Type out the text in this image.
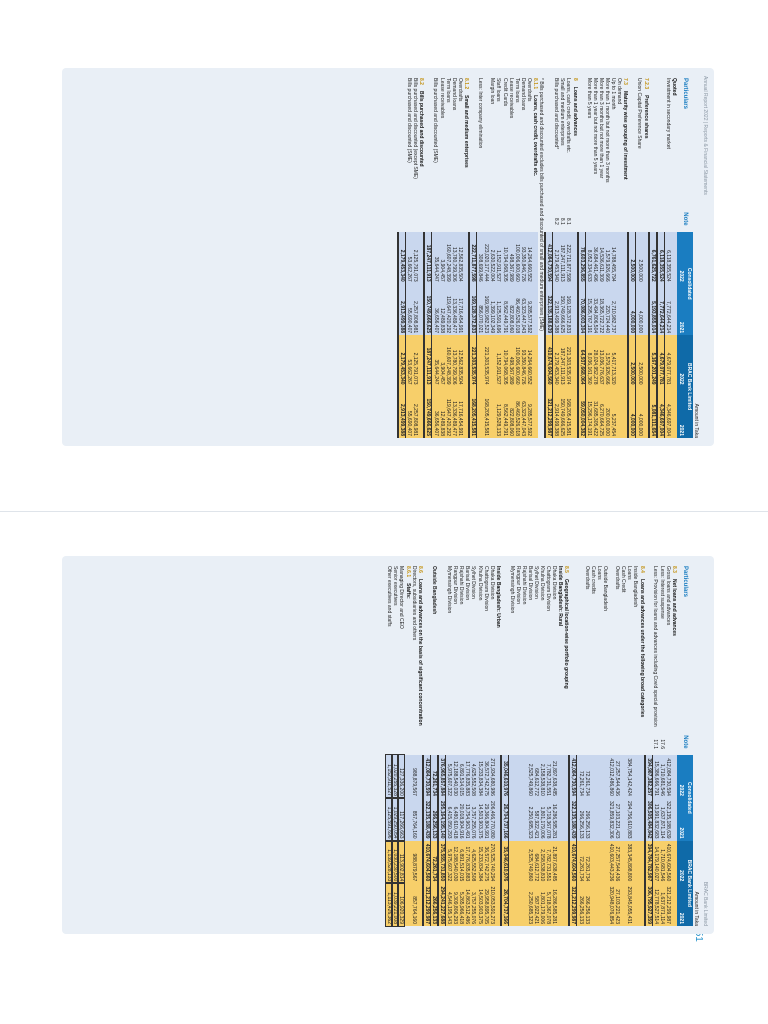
Annual Report 2022 | Reports & Financial Statements
Amount in Taka
Particulars	Note	Consolidated		BRAC Bank Limited	
		2022	2021	2022	2021
Quoted					
Investment in secondary market		6,118,355,524	7,772,644,214	4,679,077,781	4,346,697,004
		6,118,355,524	7,772,644,214	4,679,077,781	4,346,697,004
		6,761,625,722	5,193,855,014	5,167,201,249	5,081,111,654
7.2.3Preference shares					
Union Capital Preference Share		2,500,000	4,000,000	2,500,000	4,000,000
		2,500,000	4,000,000	2,500,000	4,000,000
7.3Maturity wise grouping of investment					
On demand					
Up to 1 month		14,788,455,794	2,710,982,737	5,417,713,320	5,237,454
More than 1 month but not more than 3 months		1,579,926,666	220,724,440	1,579,926,666	200,000,000
More than 3 months but not more than 1 year		14,536,611,309	18,365,722,722	13,036,776,637	6,270,664,725
More than 1 year but not more than 5 years		36,684,461,496	33,494,806,504	28,024,952,278	31,685,305,422
More than 5 years		8,052,334,633	15,295,767,191	8,036,161,360	15,296,174,191
		78,603,296,855	70,086,003,304	64,937,668,064	59,050,004,382
8Loans and advances					
Loans, cash credit, overdrafts etc.	8.1	222,711,877,598	169,128,372,833	221,303,535,974	168,205,415,581
Small and medium enterprises	8.1	187,247,111,913	150,749,666,625	187,247,111,913	150,749,666,625
Bills purchased and discounted*	8.2	2,179,453,340	2,913,499,388	2,179,453,340	2,914,499,388
		412,084,730,594	322,135,188,639	410,674,604,560	321,212,299,987
* Bills purchased and discounted excludes bills purchased and discounted of small and medium enterprises (SME)					
8.1.1Loans, cash credit, overdrafts etc.					
Overdrafts		14,264,660,552	9,285,577,592	14,264,660,552	9,285,577,592
Demand loans		93,350,846,726	63,323,447,043	93,350,846,726	63,323,447,043
Term loans		100,006,600,660	86,460,526,018	100,006,600,660	86,460,526,018
Lease receivables		498,367,989	822,808,060	498,367,989	822,808,060
Credit Cards		10,794,068,305	8,562,449,791	10,794,068,305	8,562,449,791
Staff loans		1,152,911,527	1,125,591,696	1,152,911,527	1,129,528,133
Margin loan		2,630,522,004	1,399,102,349		
		223,020,177,444	169,980,982,523	221,303,535,974	168,205,415,581
Less: Inter company elimination		308,699,846	856,070,021		
		222,711,877,598	169,128,372,833	221,303,535,974	168,205,415,581
8.1.2Small and medium enterprises					
Overdrafts		12,562,835,504	17,716,454,991	12,562,835,504	17,716,454,991
Demand loans		13,780,799,306	13,336,489,477	13,780,799,306	13,336,489,477
Term loans		160,607,248,399	119,647,420,292	160,607,248,399	119,647,420,292
Lease receivables		3,904,457	12,489,838	3,904,457	12,489,838
Bills purchased and discounted (SME)		35,644,247	36,656,407	35,644,247	36,656,407
		187,247,111,913	150,749,666,625	187,247,111,913	150,749,666,625
8.2Bills purchased and discounted					
Bills purchased and discounted (except SME)		2,125,791,073	2,257,808,981	2,125,791,073	2,257,808,981
Bills purchased and discounted (SME)		53,662,267	55,690,407	53,662,267	55,690,407
		2,179,453,340	2,913,499,388	2,179,453,340	2,913,499,388
BRAC Bank Limited
Amount in Taka
Particulars	Note	Consolidated		BRAC Bank Limited	
		2022	2021	2022	2021
8.3Net loans and advances					
Gross loans and advances		412,084,730,594	322,135,188,639	410,674,604,560	321,212,299,987
Less: Interest suspense	17.6	1,710,681,546	1,637,871,114	1,710,681,546	1,637,871,114
Less: Provision for loans and advances including Covid special provision	17.1	15,386,666,791	13,991,832,683	14,179,140,027	12,778,527,514
		394,987,382,257	306,505,484,842	394,784,782,987	306,795,927,359
8.4Loans and advances under the following broad categories					
Inside Bangladesh					
Loans		384,754,142,424	294,756,610,883	383,345,898,800	293,845,055,431
Cash Credit					
Overdrafts		27,257,544,436	27,103,221,423	27,257,544,436	27,103,221,423
		412,012,486,860	321,859,832,306	410,603,443,236	320,948,076,854
Outside Bangladesh					
Loans					
Cash credits					
Overdrafts		72,261,734	266,256,133	72,261,734	266,256,133
		72,261,734	266,256,133	72,261,734	266,256,133
		412,084,730,594	322,135,188,439	410,674,604,560	321,212,299,987
8.5Geographical location-wise portfolio grouping					
Inside Bangladesh: Rural					
Dhaka Division		21,897,638,485	16,286,585,281	21,897,638,485	16,286,585,281
Chattogram Division		7,782,731,551	5,718,367,078	7,782,731,551	5,718,367,078
Khulna Division		2,158,538,810	1,801,179,006	2,158,538,810	1,801,179,006
Sylhet Division		684,612,772	587,922,421	684,612,772	587,922,421
Barisal Division		2,525,749,860	2,250,685,323	2,525,749,860	2,250,685,323
Rajshahi Division					
Rangpur Division					
Mymensingh Division					
		35,046,610,976	26,704,737,166	35,046,610,976	26,704,737,166
Inside Bangladesh: Urban					
Dhaka Division		271,934,680,986	206,466,770,080	270,525,740,294	210,053,591,273
Chattogram Division		36,572,742,275	29,366,804,991	36,572,742,275	29,958,895,705
Khulna Division		15,233,834,384	14,503,903,375	15,233,834,384	14,503,903,375
Sylhet Division		4,625,552,508	3,757,255,076	4,625,552,508	3,757,255,076
Barisal Division		17,776,835,883	13,754,963,491	17,776,835,883	14,863,512,486
Rajshahi Division		6,891,514,015	20,018,904,916	6,891,514,015	5,265,966,418
Rangpur Division		12,188,540,030	6,480,610,418	12,188,540,030	9,309,806,293
Mymensingh Division		5,975,607,322	6,415,050,293	5,975,607,322	4,546,195,143
		376,965,857,884	295,164,195,140	375,555,731,850	294,241,227,688
Outside Bangladesh		72,261,734	266,256,133	72,261,734	266,256,133
		412,084,730,594	322,135,188,439	410,674,604,560	321,212,299,987
8.6Loans and advances on the basis of significant concentration					
Directors, subsidiaries and others		988,879,567	857,764,160	988,879,567	857,764,160
8.6.1Staffs:					
Managing Director and CEO		127,336,200	117,266,663	113,902,814	106,920,329
Senior executives		1,020,255,328	1,029,250,054	1,030,230,500	1,039,221,008
Other executives and staffs		1,152,911,527	1,125,591,696	1,139,528,133	1,113,426,362
